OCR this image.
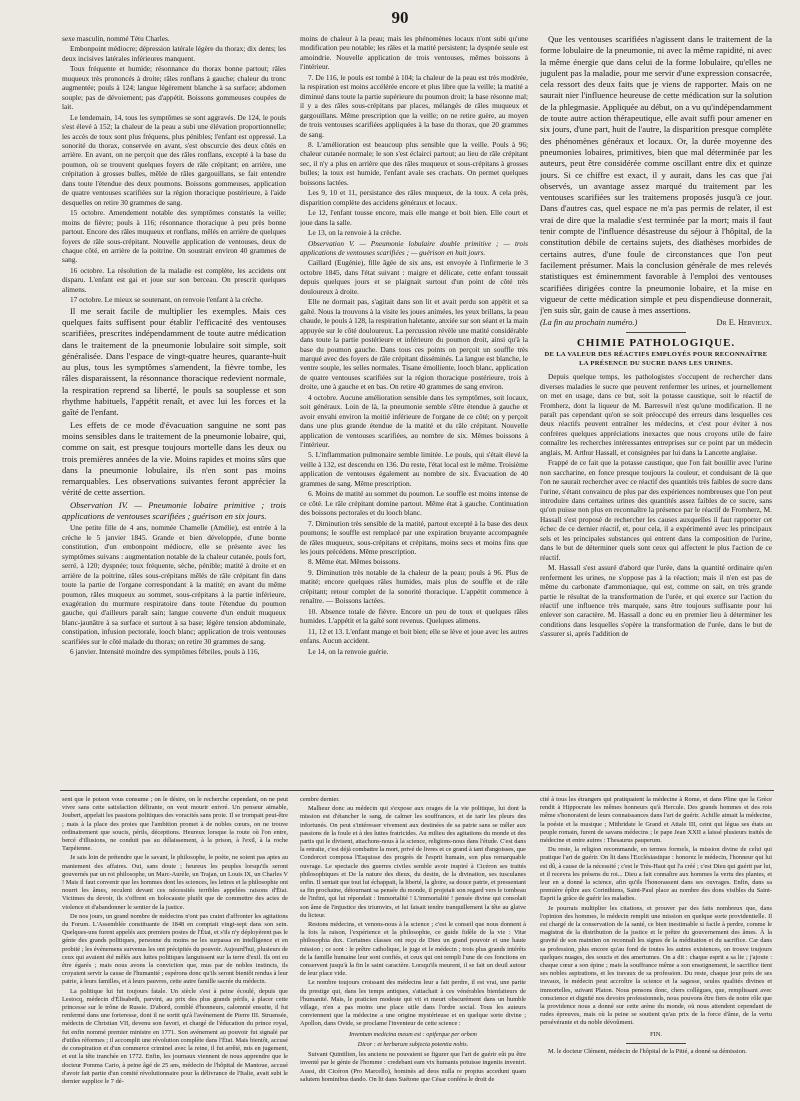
90

sexe masculin, nommé Tétu Charles.

Embonpoint médiocre; dépression latérale légère du thorax; dix dents; les deux incisives latérales inférieures manquent.

Toux fréquente et humide; résonnance du thorax bonne partout; râles muqueux très prononcés à droite; râles ronflans à gauche; chaleur du tronc augmentée; pouls à 124; langue légèrement blanche à sa surface; abdomen souple; pas de dévoiement; pas d'appétit. Boissons gommeuses coupées de lait.

Le lendemain, 14, tous les symptômes se sont aggravés. De 124, le pouls s'est élevé à 152; la chaleur de la peau a subi une élévation proportionnelle; les accès de toux sont plus fréquens, plus pénibles; l'enfant est oppressé. La sonorité du thorax, conservée en avant, s'est obscurcie des deux côtés en arrière. En avant, on ne perçoit que des râles ronflans, excepté à la base du poumon, où se trouvent quelques foyers de râle crépitant; en arrière, une crépitation à grosses bulles, mêlée de râles gargouillans, se fait entendre dans toute l'étendue des deux poumons. Boissons gommeuses, application de quatre ventouses scarifiées sur la région thoracique postérieure, à l'aide desquelles on retire 30 grammes de sang.

15 octobre. Amendement notable des symptômes constatés la veille; moins de fièvre; pouls à 116; résonnance thoracique à peu près bonne partout. Encore des râles muqueux et ronflans, mêlés en arrière de quelques foyers de râle sous-crépitant. Nouvelle application de ventouses, deux de chaque côté, en arrière de la poitrine. On soustrait environ 40 grammes de sang.

16 octobre. La résolution de la maladie est complète, les accidens ont disparu. L'enfant est gai et joue sur son berceau. On prescrit quelques alimens.

17 octobre. Le mieux se soutenant, on renvoie l'enfant à la crèche.

Il me serait facile de multiplier les exemples. Mais ces quelques faits suffisent pour établir l'efficacité des ventouses scarifiées, prescrites indépendamment de toute autre médication dans le traitement de la pneumonie lobulaire soit simple, soit généralisée. Dans l'espace de vingt-quatre heures, quarante-huit au plus, tous les symptômes s'amendent, la fièvre tombe, les râles disparaissent, la résonnance thoracique redevient normale, la respiration reprend sa liberté, le pouls sa souplesse et son rhythme habituels, l'appétit renaît, et avec lui les forces et la gaîté de l'enfant.

Les effets de ce mode d'évacuation sanguine ne sont pas moins sensibles dans le traitement de la pneumonie lobaire, qui, comme on sait, est presque toujours mortelle dans les deux ou trois premières années de la vie. Moins rapides et moins sûrs que dans la pneumonie lobulaire, ils n'en sont pas moins remarquables. Les observations suivantes feront apprécier la vérité de cette assertion.

Observation IV. — Pneumonie lobaire primitive ; trois applications de ventouses scarifiées ; guérison en six jours.

Une petite fille de 4 ans, nommée Chamelle (Amélie), est entrée à la crèche le 5 janvier 1845. Grande et bien développée, d'une bonne constitution, d'un embonpoint médiocre, elle se présente avec les symptômes suivans : augmentation notable de la chaleur cutanée, pouls fort, serré, à 120; dyspnée; toux fréquente, sèche, pénible; matité à droite et en arrière de la poitrine, râles sous-crépitans mêlés de râle crépitant fin dans toute la partie de l'organe correspondant à la matité; en avant du même poumon, râles muqueux au sommet, sous-crépitans à la partie inférieure, exagération du murmure respiratoire dans toute l'étendue du poumon gauche, qui d'ailleurs paraît sain; langue couverte d'un enduit muqueux blanc-jaunâtre à sa surface et surtout à sa base; légère tension abdominale, constipation, infusion pectorale, looch blanc; application de trois ventouses scarifiées sur le côté malade du thorax; on retire 30 grammes de sang.

6 janvier. Intensité moindre des symptômes fébriles, pouls à 116,

moins de chaleur à la peau; mais les phénomènes locaux n'ont subi qu'une modification peu notable; les râles et la matité persistent; la dyspnée seule est amoindrie. Nouvelle application de trois ventouses, mêmes boissons à l'intérieur.

7. De 116, le pouls est tombé à 104; la chaleur de la peau est très modérée, la respiration est moins accélérée encore et plus libre que la veille; la matité a diminué dans toute la partie supérieure du poumon droit; la base résonne mal; il y a des râles sous-crépitans par places, mélangés de râles muqueux et gargouillans. Même prescription que la veille; on ne retire guère, au moyen de trois ventouses scarifiées appliquées à la base du thorax, que 20 grammes de sang.

8. L'amélioration est beaucoup plus sensible que la veille. Pouls à 96; chaleur cutanée normale; le son s'est éclairci partout; au lieu de râle crépitant sec, il n'y a plus en arrière que des râles muqueux et sous-crépitans à grosses bulles; la toux est humide, l'enfant avale ses crachats. On permet quelques boissons lactées.

Les 9, 10 et 11, persistance des râles muqueux, de la toux. A cela près, disparition complète des accidens généraux et locaux.

Le 12, l'enfant tousse encore, mais elle mange et boit bien. Elle court et joue dans la salle.

Le 13, on la renvoie à la crèche.

Observation V. — Pneumonie lobulaire double primitive ; — trois applications de ventouses scarifiées ; — guérison en huit jours.

Caillard (Eugénie), fille âgée de six ans, est envoyée à l'infirmerie le 3 octobre 1845, dans l'état suivant : maigre et délicate, cette enfant toussait depuis quelques jours et se plaignait surtout d'un point de côté très douloureux à droite.

Elle ne dormait pas, s'agitait dans son lit et avait perdu son appétit et sa gaîté. Nous la trouvons à la visite les joues animées, les yeux brillans, la peau chaude, le pouls à 128, la respiration haletante, anxiée sur son séant et la main appuyée sur le côté douloureux. La percussion révèle une matité considérable dans toute la partie postérieure et inférieure du poumon droit, ainsi qu'à la base du poumon gauche. Dans tous ces points on perçoit un souffle très marqué avec des foyers de râle crépitant disséminés. La langue est blanche, le ventre souple, les selles normales. Tisane émolliente, looch blanc, application de quatre ventouses scarifiées sur la région thoracique postérieure, trois à droite, une à gauche et en bas. On retire 40 grammes de sang environ.

4 octobre. Aucune amélioration sensible dans les symptômes, soit locaux, soit généraux. Loin de là, la pneumonie semble s'être étendue à gauche et avoir envahi environ la moitié inférieure de l'organe de ce côté; on y perçoit dans une plus grande étendue de la matité et du râle crépitant. Nouvelle application de ventouses scarifiées, au nombre de six. Mêmes boissons à l'intérieur.

5. L'inflammation pulmonaire semble limitée. Le pouls, qui s'était élevé la veille à 132, est descendu en 136. Du reste, l'état local est le même. Troisième application de ventouses également au nombre de six. Évacuation de 40 grammes de sang. Même prescription.

6. Moins de matité au sommet du poumon. Le souffle est moins intense de ce côté. Le râle crépitant domine partout. Même état à gauche. Continuation des boissons pectorales et du looch blanc.

7. Diminution très sensible de la matité, partout excepté à la base des deux poumons; le souffle est remplacé par une expiration bruyante accompagnée de râles muqueux, sous-crépitans et crépitans, moins secs et moins fins que les jours précédens. Même prescription.

8. Même état. Mêmes boissons.

9. Diminution très notable de la chaleur de la peau; pouls à 96. Plus de matité; encore quelques râles humides, mais plus de souffle et de râle crépitant; retour complet de la sonorité thoracique. L'appétit commence à renaître. — Boissons lactées.

10. Absence totale de fièvre. Encore un peu de toux et quelques râles humides. L'appétit et la gaîté sont revenus. Quelques alimens.

11, 12 et 13. L'enfant mange et boit bien; elle se lève et joue avec les autres enfans. Aucun accident.

Le 14, on la renvoie guérie.

Que les ventouses scarifiées n'agissent dans le traitement de la forme lobulaire de la pneumonie, ni avec la même rapidité, ni avec la même énergie que dans celui de la forme lobulaire, qu'elles ne jugulent pas la maladie, pour me servir d'une expression consacrée, cela ressort des deux faits que je viens de rapporter. Mais on ne saurait nier l'influence heureuse de cette médication sur la solution de la phlegmasie. Appliquée au début, on a vu qu'indépendamment de toute autre action thérapeutique, elle avait suffi pour amener en six jours, d'une part, huit de l'autre, la disparition presque complète des phénomènes généraux et locaux. Or, la durée moyenne des pneumonies lobaires, primitives, bien que mal déterminée par les auteurs, peut être considérée comme oscillant entre dix et quinze jours. Si ce chiffre est exact, il y aurait, dans les cas que j'ai observés, un avantage assez marqué du traitement par les ventouses scarifiées sur les traitemens proposés jusqu'à ce jour. Dans d'autres cas, quel espace ne m'a pas permis de relater, il est vrai de dire que la maladie s'est terminée par la mort; mais il faut tenir compte de l'influence désastreuse du séjour à l'hôpital, de la constitution débile de certains sujets, des diathèses morbides de certains autres, d'une foule de circonstances que l'on peut facilement présumer. Mais la conclusion générale de mes relevés statistiques est éminemment favorable à l'emploi des ventouses scarifiées dirigées contre la pneumonie lobaire, et la mise en vigueur de cette médication simple et peu dispendieuse donnerait, j'en suis sûr, gain de cause à mes assertions.

(La fin au prochain numéro.)	Dr E. Hervieux.
CHIMIE PATHOLOGIQUE.
DE LA VALEUR DES RÉACTIFS EMPLOYÉS POUR RECONNAÎTRE LA PRÉSENCE DU SUCRE DANS LES URINES.

Depuis quelque temps, les pathologistes s'occupent de rechercher dans diverses maladies le sucre que peuvent renfermer les urines, et journellement on met en usage, dans ce but, soit la potasse caustique, soit le réactif de Fromherz, dont la liqueur de M. Barreswil n'est qu'une modification. Il ne paraît pas cependant qu'on se soit préoccupé des erreurs dans lesquelles ces deux réactifs peuvent entraîner les médecins, et c'est pour éviter à nos confrères quelques appréciations inexactes que nous croyons utile de faire connaître les recherches intéressantes entreprises sur ce point par un médecin anglais, M. Arthur Hassall, et consignées par lui dans la Lancette anglaise.

Frappé de ce fait que la potasse caustique, que l'on fait bouillir avec l'urine non saccharine, en fonce presque toujours la couleur, et conduisant de là que l'on ne saurait rechercher avec ce réactif des quantités très faibles de sucre dans l'urine, s'étant convaincu de plus par des expériences nombreuses que l'on peut introduire dans certaines urines des quantités assez faibles de ce sucre, sans qu'on puisse non plus en reconnaître la présence par le réactif de Fromherz, M. Hassall s'est proposé de rechercher les causes auxquelles il faut rapporter cet échec de ce dernier réactif, et, pour cela, il a expérimenté avec les principaux sels et les principales substances qui entrent dans la composition de l'urine, dans le but de déterminer quels sont ceux qui affectent le plus l'action de ce réactif.

M. Hassall s'est assuré d'abord que l'urée, dans la quantité ordinaire qu'en renferment les urines, ne s'oppose pas à la réaction; mais il n'en est pas de même du carbonate d'ammoniaque, qui est, comme on sait, en très grande partie le résultat de la transformation de l'urée, et qui exerce sur l'action du réactif une influence très marquée, sans être toujours suffisante pour lui enlever son caractère. M. Hassall a donc eu en premier lieu à déterminer les conditions dans lesquelles s'opère la transformation de l'urée, dans le but de s'assurer si, après l'addition de

sent que le poison vous consume ; on le désire, on le recherche cependant, on ne peut vivre sans cette satisfaction délirante, on veut mourir enivré. Un penseur aimable, Joubert, appelait les passions politiques des voracités sans proie. Il se trompait peut-être ; mais à la place des proies que l'ambition promet à de nobles cœurs, on ne trouve ordinairement que soucis, périls, déceptions. Heureux lorsque la route où l'on entre, bercé d'illusions, ne conduit pas au délaissement, à la prison, à l'exil, à la roche Tarpéienne.

Je sais loin de prétendre que le savant, le philosophe, le poète, ne soient pas aptes au maniement des affaires. Oui, sans doute ; heureux les peuples lorsqu'ils seront gouvernés par un roi philosophe, un Marc-Aurèle, un Trajan, un Louis IX, un Charles V ! Mais il faut convenir que les hommes dont les sciences, les lettres et la philosophie ont nourri les âmes, reculent devant ces nécessités terribles appelées raisons d'État. Victimes du devoir, ils s'offrent en holocauste plutôt que de commettre des actes de violence et d'abandonner le sentier de la justice.

De nos jours, un grand nombre de médecins n'ont pas craint d'affronter les agitations du Forum. L'Assemblée constituante de 1848 en comptait vingt-sept dans son sein. Quelques-uns furent appelés aux premiers postes de l'État, et s'ils n'y déployèrent pas le génie des grands politiques, personne du moins ne les surpassa en intelligence et en probité ; les événemens survenus les ont précipités du pouvoir. Aujourd'hui, plusieurs de ceux qui avaient été mêlés aux luttes politiques languissent sur la terre d'exil. Ils ont eu être égarés ; mais nous avons la conviction que, mus par de nobles instincts, ils croyaient servir la cause de l'humanité ; espérons donc qu'ils seront bientôt rendus à leur patrie, à leurs familles, et à leurs pauvres, cette autre famille sacrée du médecin.

La politique lui fut toujours fatale. Un siècle s'est à peine écoulé, depuis que Lestocq, médecin d'Élisabeth, parvint, au prix des plus grands périls, à placer cette princesse sur le trône de Russie. D'abord, comblé d'honneurs, calomnié ensuite, il fut renfermé dans une forteresse, dont il ne sortit qu'à l'avénement de Pierre III. Struensée, médecin de Christian VII, devenu son favori, et chargé de l'éducation du prince royal, fut enfin nommé premier ministre en 1771. Son avénement au pouvoir fut signalé par d'utiles réformes ; il accomplit une révolution complète dans l'État. Mais bientôt, accusé de conspiration et d'un commerce criminel avec la reine, il fut arrêté, mis en jugement, et eut la tête tranchée en 1772. Enfin, les journaux viennent de nous apprendre que le docteur Pomma Cario, à peine âgé de 25 ans, médecin de l'hôpital de Mantoue, accusé d'avoir fait partie d'un comité révolutionnaire pour la délivrance de l'Italie, avait subi le dernier supplice le 7 dé-

cembre dernier.

Malheur donc au médecin qui s'expose aux orages de la vie politique, lui dont la mission est d'étancher le sang, de calmer les souffrances, et de tarir les pleurs des infortunés. On peut s'intéresser vivement aux destinées de sa patrie sans se mêler aux passions de la foule et à des luttes fratricides. Au milieu des agitations du monde et des partis qui le divisent, attachons-nous à la science, religions-nous dans l'étude. C'est dans la retraite, c'est déjà combattre la mort, privé de livres et ce grand à tant d'angoisses, que Condorcet composa l'Esquisse des progrès de l'esprit humain, son plus remarquable ouvrage. Le spectacle des guerres civiles semble avoir inspiré à Cicéron ses traités philosophiques et De la nature des dieux, du destin, de la divination, ses tusculanes enfin. Il sentait que tout lui échappait, la liberté, la gloire, sa douce patrie, et pressentant sa fin prochaine, détournant sa pensée du monde, il projetait son regard vers le tombeau de l'infini, qui lui répondait : Immortalité ! L'immortalité ! pensée divine qui consolait son âme de l'injustice des triumvirs, et lui faisait tendre tranquillement la tête au glaive du licteur.

Restons médecins, et venons-nous à la science ; c'est le conseil que nous donnent à la fois la raison, l'expérience et la philosophie, ce guide fidèle de la vie : Vitæ philosophia dux. Certaines classes ont reçu de Dieu un grand pouvoir et une haute mission ; ce sont : le prêtre catholique, le juge et le médecin ; trois plus grands intérêts de la famille humaine leur sont confiés, et ceux qui ont rempli l'une de ces fonctions en conservent jusqu'à la fin le saint caractère. Lorsqu'ils meurent, il se fait un deuil autour de leur place vide.

Le nombre toujours croissant des médecins leur a fait perdre, il est vrai, une partie du prestige qui, dans les temps antiques, s'attachait à ces vénérables bienfaiteurs de l'humanité. Mais, le praticien modeste qui vit et meurt obscurément dans un humble village, n'en a pas moins une place utile dans l'ordre social. Tous les auteurs conviennent que la médecine a une origine mystérieuse et en quelque sorte divine ; Apollon, dans Ovide, se proclame l'inventeur de cette science :

Inventum medicina meum est : opiferque per orbem
Dicor : et herbarum subjecta potentia nobis.

Suivant Quintilien, les anciens ne pouvaient se figurer que l'art de guérir eût pu être inventé par le génie de l'homme : credebant eam vix humanis potuisse ingeniis inveniri. Aussi, dit Cicéron (Pro Marcello), hominès ad deos nulla re propius accedunt quam salutem hominibus dando. On lit dans Suétone que César conféra le droit de

cité à tous les étrangers qui pratiquaient la médecine à Rome, et dans Pline que la Grèce rendit à Hippocrate les mêmes honneurs qu'à Hercule. Des grands hommes et des rois même s'honoraient de leurs connaissances dans l'art de guérir. Achille aimait la médecine, la poésie et la musique ; Mithridate le Grand et Attale III, ceint qui légua ses états au peuple romain, furent de savans médecins ; le pape Jean XXII a laissé plusieurs traités de médecine et entre autres : Thesaurus pauperum.

Du reste, la religion recommande, en termes formels, la mission divine de celui qui pratique l'art de guérir. On lit dans l'Ecclésiastique : honorez le médecin, l'honneur qui lui est dû, à cause de la nécessité ; c'est le Très-Haut qui l'a créé ; c'est Dieu qui guérit par lui, et il recevra les présens du roi... Dieu a fait connaître aux hommes la vertu des plantes, et leur en a donné la science, afin qu'ils l'honorassent dans ses ouvrages. Enfin, dans sa première épître aux Corinthiens, Saint-Paul place au nombre des dons visibles du Saint-Esprit la grâce de guérir les maladies.

Je pourrais multiplier les citations, et prouver par des faits nombreux que, dans l'opinion des hommes, le médecin remplit une mission en quelque sorte providentielle. Il est chargé de la conservation de la santé, ce bien inestimable si facile à perdre, comme le magistrat de la distribution de la justice et le prêtre du gouvernement des âmes. À la gravité de son maintien on reconnaît les signes de la méditation et du sacrifice. Car dans sa profession, plus encore qu'au fond de toutes les autres existences, on trouve toujours quelques nuages, des soucis et des amertumes. On a dit : chaque esprit a sa lie ; j'ajoute : chaque cœur a son épine ; mais la souffrance même a son enseignement, le sacrifice tient ses nobles aspirations, et les travaux de sa profession. Du reste, chaque jour près de ses travaux, le médecin peut accroître la science et la sagesse, seules qualités divines et immortelles, suivant Platon. Nous pensons donc, chers collègues, que, remplissant avec conscience et dignité nos devoirs professionnels, nous pouvons être fiers de notre rôle que la providence nous a donné sur cette arène du monde, où nous attendent cependant de rudes épreuves, mais où la peine se soutient qu'au prix de la force d'âme, de la vertu persévérante et du noble dévoûment.

FIN.

M. le docteur Clément, médecin de l'hôpital de la Pitié, a donné sa démission.
